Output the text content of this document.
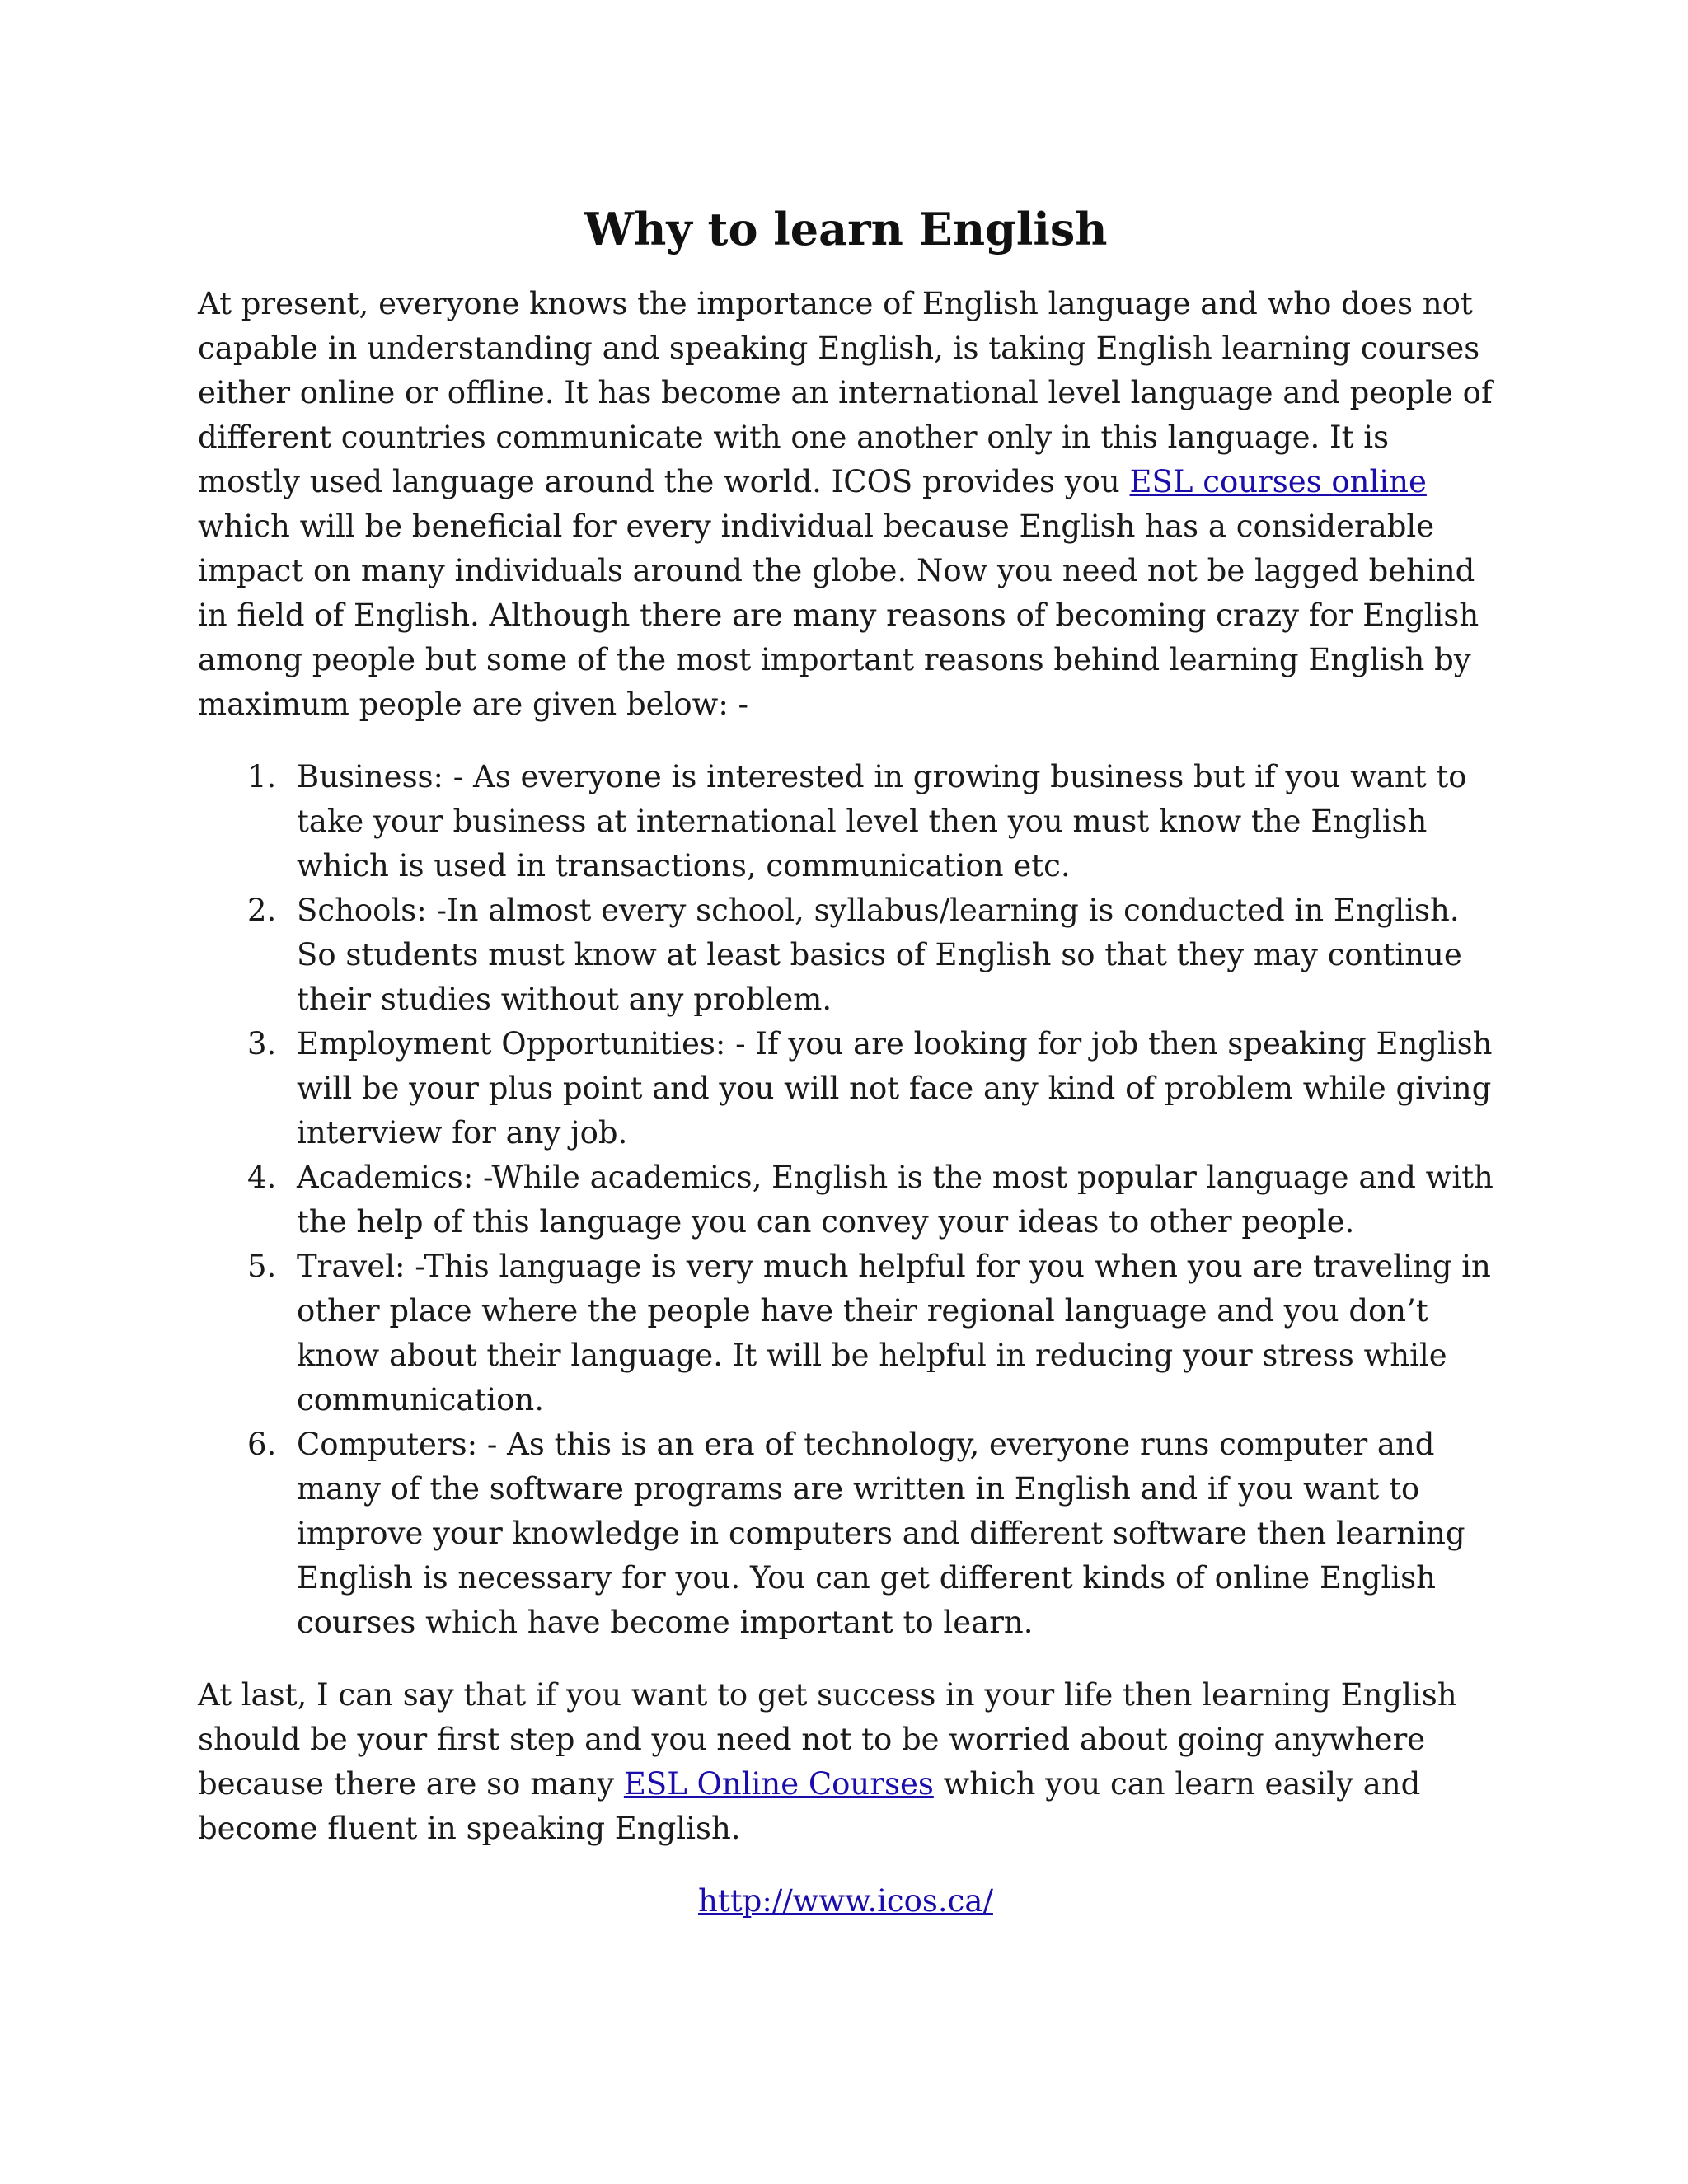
Why to learn English

At present, everyone knows the importance of English language and who does not capable in understanding and speaking English, is taking English learning courses either online or offline. It has become an international level language and people of different countries communicate with one another only in this language. It is mostly used language around the world. ICOS provides you ESL courses online which will be beneficial for every individual because English has a considerable impact on many individuals around the globe. Now you need not be lagged behind in field of English. Although there are many reasons of becoming crazy for English among people but some of the most important reasons behind learning English by maximum people are given below: -

1. Business: - As everyone is interested in growing business but if you want to take your business at international level then you must know the English which is used in transactions, communication etc.
2. Schools: -In almost every school, syllabus/learning is conducted in English. So students must know at least basics of English so that they may continue their studies without any problem.
3. Employment Opportunities: - If you are looking for job then speaking English will be your plus point and you will not face any kind of problem while giving interview for any job.
4. Academics: -While academics, English is the most popular language and with the help of this language you can convey your ideas to other people.
5. Travel: -This language is very much helpful for you when you are traveling in other place where the people have their regional language and you don’t know about their language. It will be helpful in reducing your stress while communication.
6. Computers: - As this is an era of technology, everyone runs computer and many of the software programs are written in English and if you want to improve your knowledge in computers and different software then learning English is necessary for you. You can get different kinds of online English courses which have become important to learn.

At last, I can say that if you want to get success in your life then learning English should be your first step and you need not to be worried about going anywhere because there are so many ESL Online Courses which you can learn easily and become fluent in speaking English.

http://www.icos.ca/
